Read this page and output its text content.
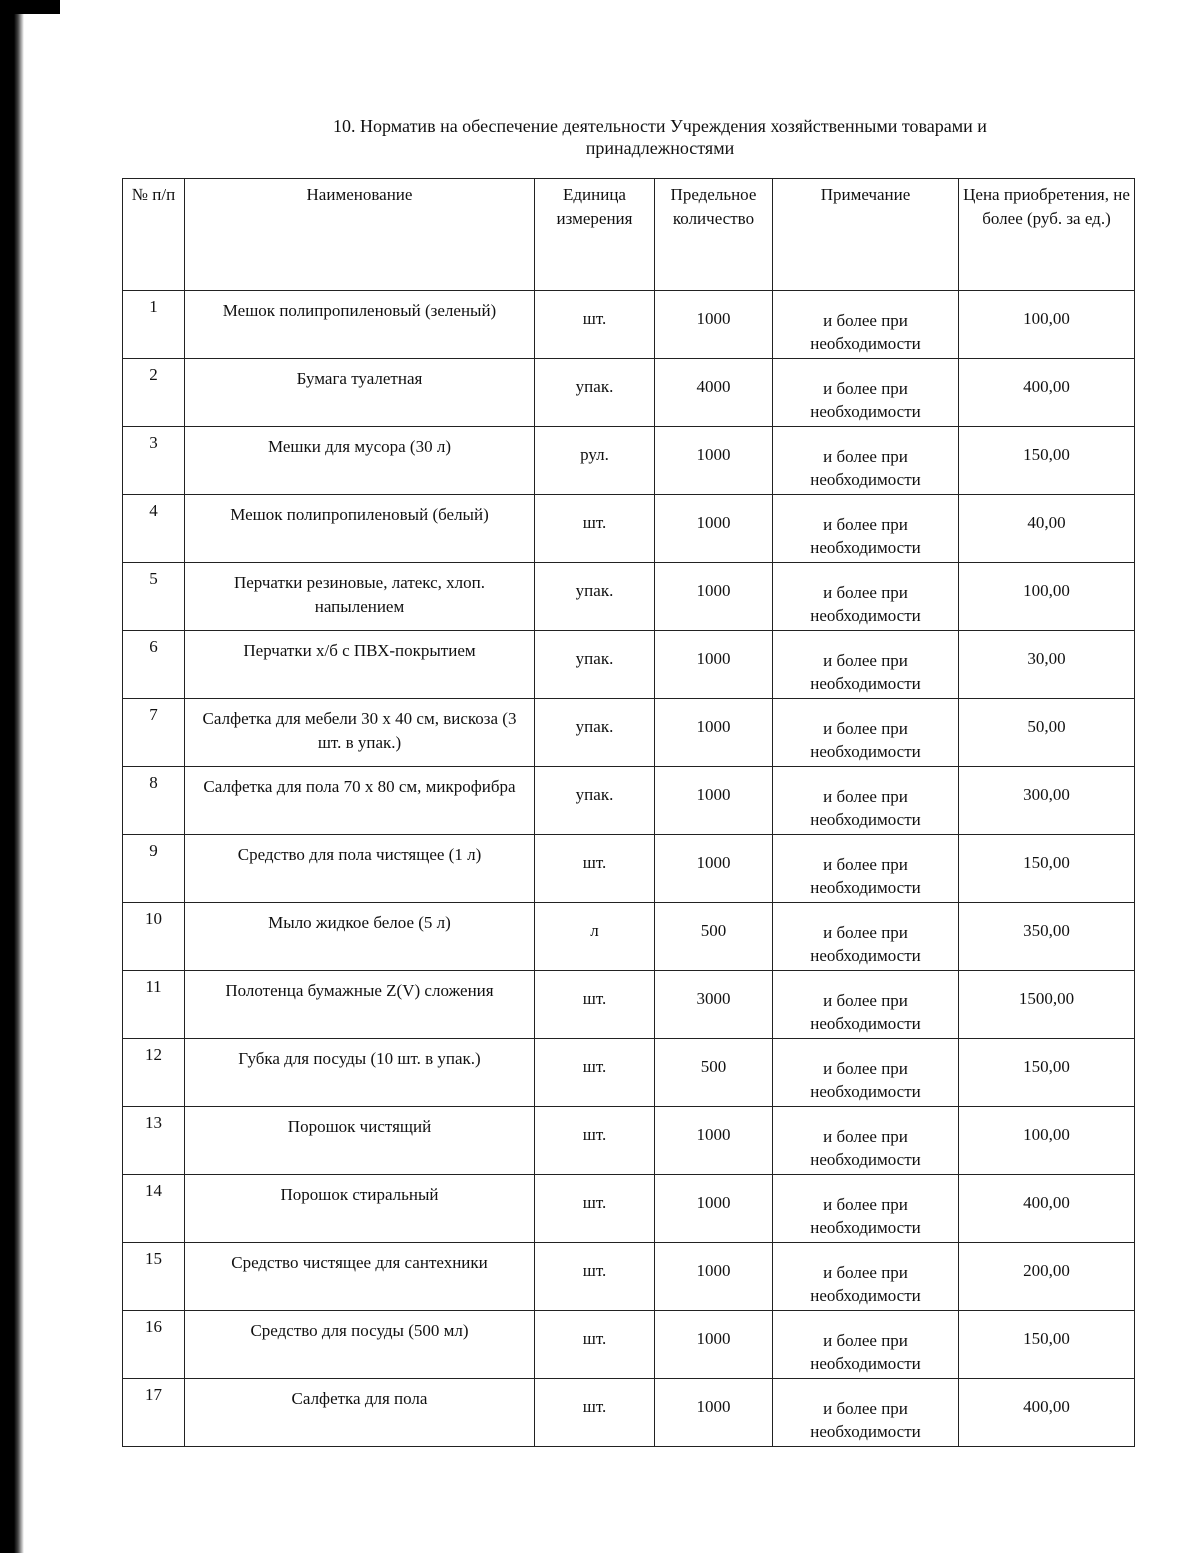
10. Норматив на обеспечение деятельности Учреждения хозяйственными товарами и
принадлежностями
№ п/п	Наименование	Единица измерения	Предельное количество	Примечание	Цена приобретения, не более (руб. за ед.)
1	Мешок полипропиленовый (зеленый)	шт.	1000	и более при необходимости	100,00
2	Бумага туалетная	упак.	4000	и более при необходимости	400,00
3	Мешки для мусора (30 л)	рул.	1000	и более при необходимости	150,00
4	Мешок полипропиленовый (белый)	шт.	1000	и более при необходимости	40,00
5	Перчатки резиновые, латекс, хлоп. напылением	упак.	1000	и более при необходимости	100,00
6	Перчатки х/б с ПВХ-покрытием	упак.	1000	и более при необходимости	30,00
7	Салфетка для мебели 30 х 40 см, вискоза (3 шт. в упак.)	упак.	1000	и более при необходимости	50,00
8	Салфетка для пола 70 х 80 см, микрофибра	упак.	1000	и более при необходимости	300,00
9	Средство для пола чистящее (1 л)	шт.	1000	и более при необходимости	150,00
10	Мыло жидкое белое (5 л)	л	500	и более при необходимости	350,00
11	Полотенца бумажные Z(V) сложения	шт.	3000	и более при необходимости	1500,00
12	Губка для посуды (10 шт. в упак.)	шт.	500	и более при необходимости	150,00
13	Порошок чистящий	шт.	1000	и более при необходимости	100,00
14	Порошок стиральный	шт.	1000	и более при необходимости	400,00
15	Средство чистящее для сантехники	шт.	1000	и более при необходимости	200,00
16	Средство для посуды (500 мл)	шт.	1000	и более при необходимости	150,00
17	Салфетка для пола	шт.	1000	и более при необходимости	400,00
